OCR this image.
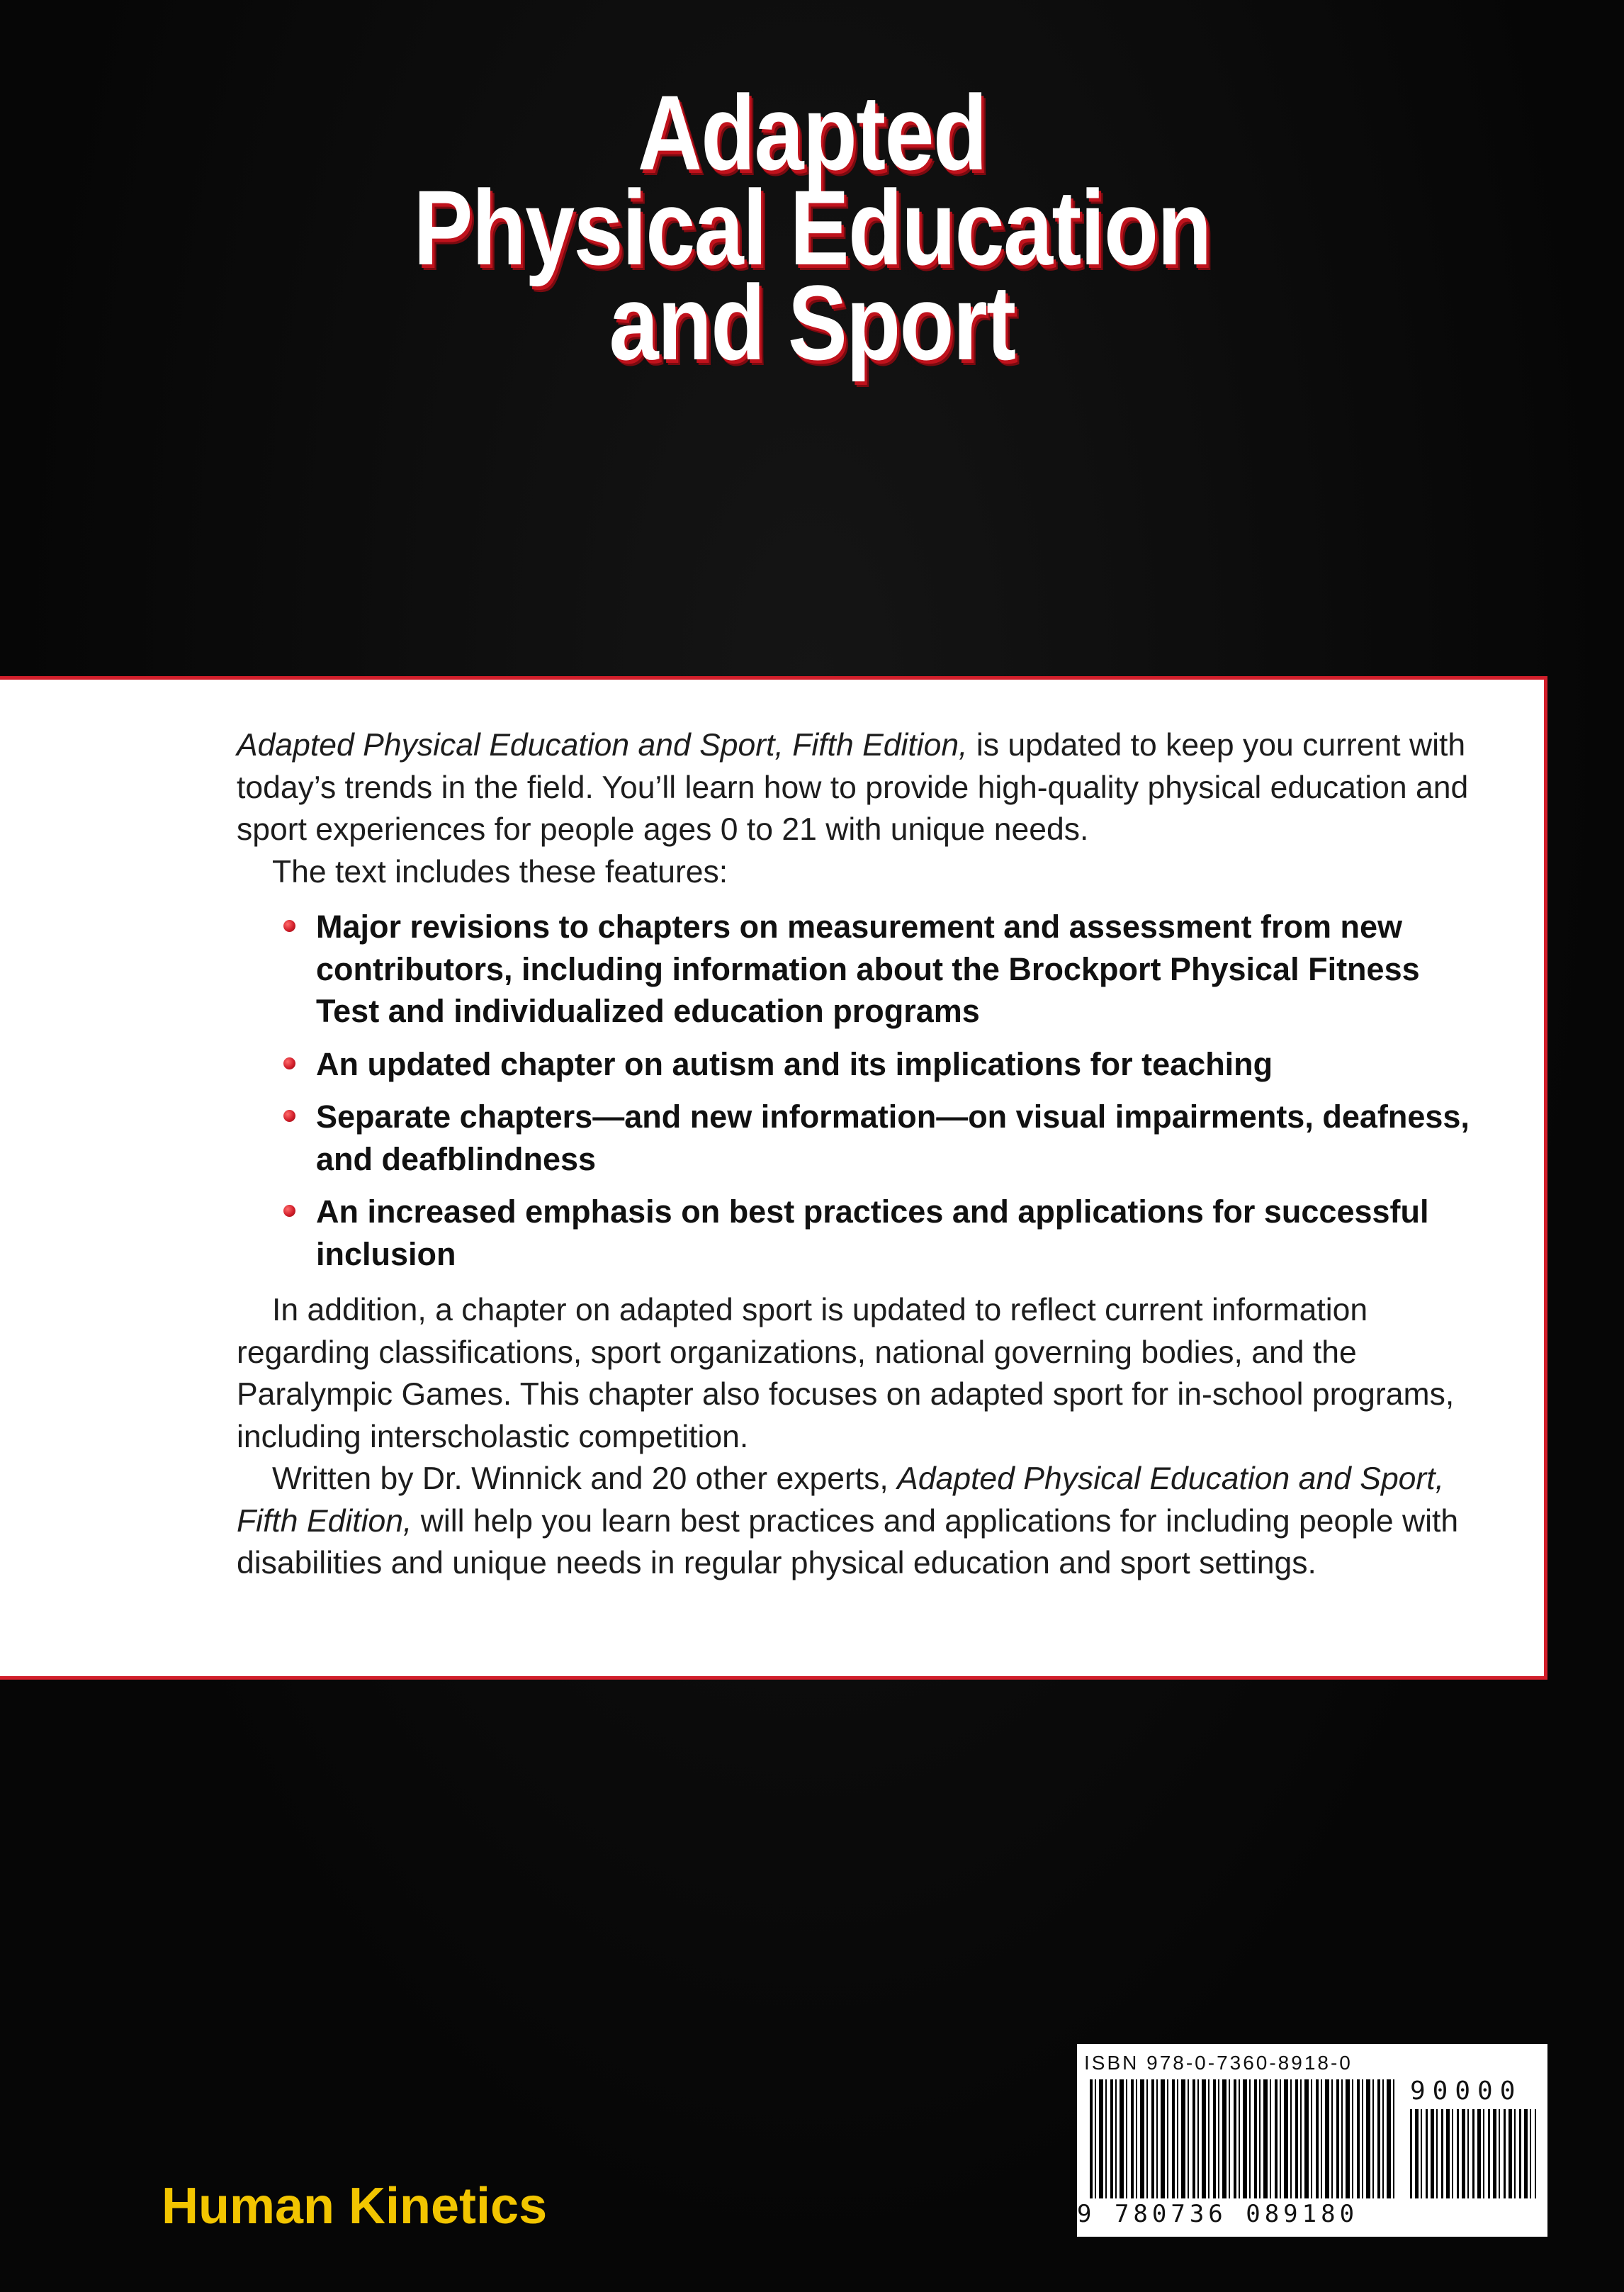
Adapted
Physical Education
and Sport

Adapted Physical Education and Sport, Fifth Edition, is updated to keep you current with today’s trends in the field. You’ll learn how to provide high-quality physical education and sport experiences for people ages 0 to 21 with unique needs.

The text includes these features:

Major revisions to chapters on measurement and assessment from new contributors, including information about the Brockport Physical Fitness Test and individualized education programs
An updated chapter on autism and its implications for teaching
Separate chapters—and new information—on visual impairments, deafness, and deafblindness
An increased emphasis on best practices and applications for successful inclusion

In addition, a chapter on adapted sport is updated to reflect current information regarding classifications, sport organizations, national governing bodies, and the Paralympic Games. This chapter also focuses on adapted sport for in-school programs, including interscholastic competition.

Written by Dr. Winnick and 20 other experts, Adapted Physical Education and Sport, Fifth Edition, will help you learn best practices and applications for including people with disabilities and unique needs in regular physical education and sport settings.

ISBN 978-0-7360-8918-0
90000
9 780736 089180
Human Kinetics
